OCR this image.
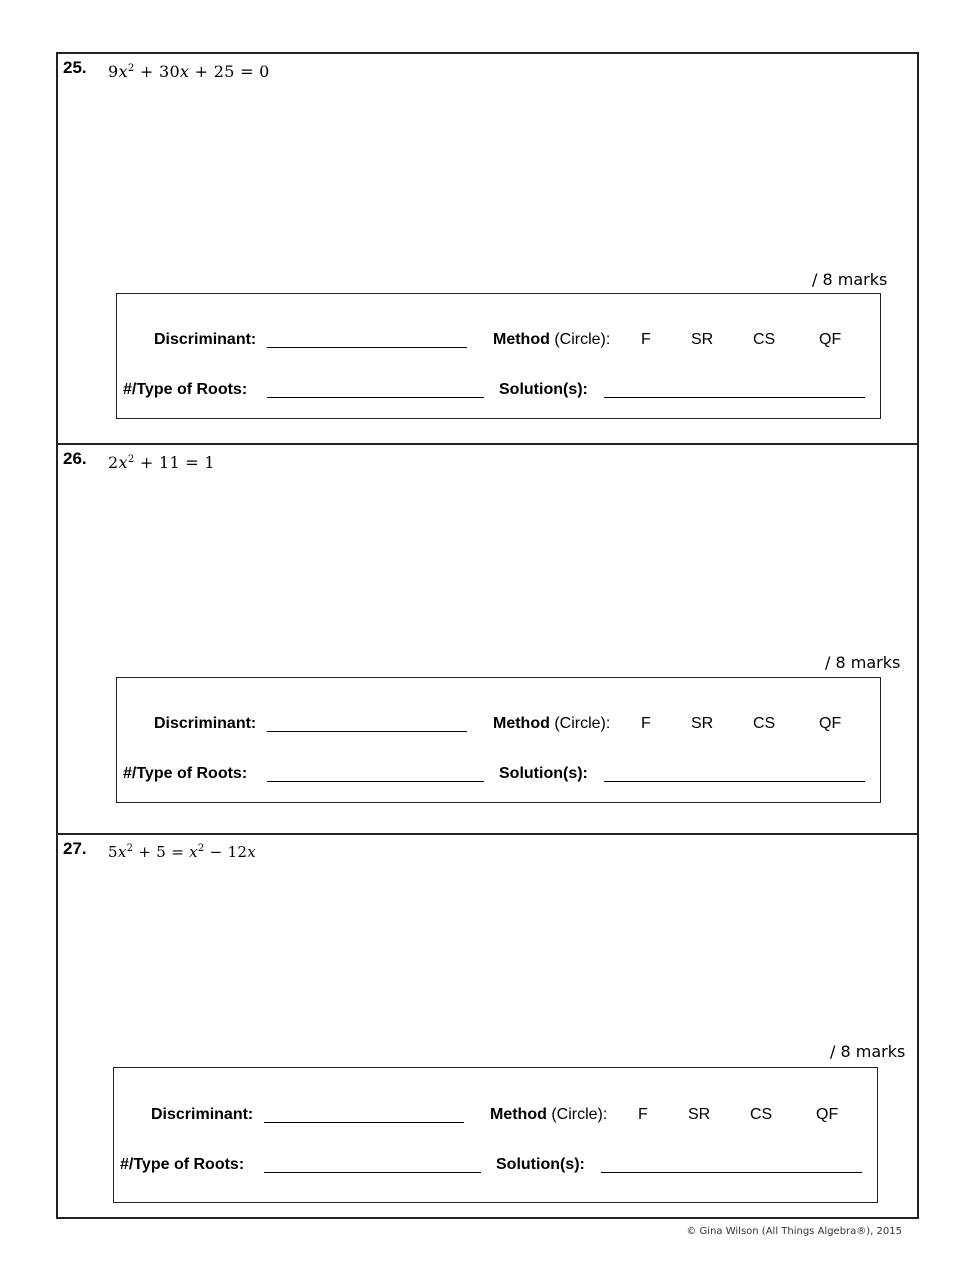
25. $9x^2 + 30x + 25 = 0$
/ 8 marks
Discriminant:	Method (Circle): F	SR CS	QF
#/Type of Roots:	Solution(s):
26. $2x^2 + 11 = 1$
/ 8 marks
Discriminant:	Method (Circle): F	SR CS	QF
#/Type of Roots:	Solution(s):
27. $5x^2 + 5 = x^2 - 12x$
/ 8 marks
Discriminant:	Method (Circle): F	SR CS	QF
#/Type of Roots:	Solution(s):
© Gina Wilson (All Things Algebra®), 2015
